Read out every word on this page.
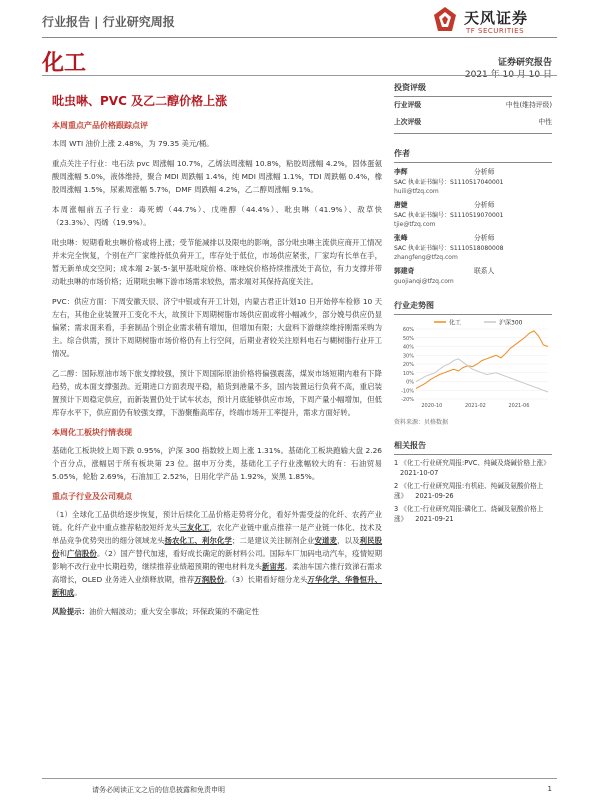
行业报告 | 行业研究周报	天风证券
TF SECURITIES
化工	证券研究报告
2021 年 10 月 10 日
吡虫啉、PVC 及乙二醇价格上涨
本周重点产品价格跟踪点评

本周 WTI 油价上涨 2.48%，为 79.35 美元/桶。

重点关注子行业：电石法 pvc 周涨幅 10.7%，乙烯法周涨幅 10.8%，粘胶周涨幅 4.2%，固体蛋氨酸周涨幅 5.0%，液体维持，聚合 MDI 周跌幅 1.4%，纯 MDI 周涨幅 1.1%，TDI 周跌幅 0.4%，橡胶周涨幅 1.5%，尿素周涨幅 5.7%，DMF 周跌幅 4.2%，乙二醇周涨幅 9.1%。

本周涨幅前五子行业：毒死蜱（44.7%）、戊唑醇（44.4%）、吡虫啉（41.9%）、敌草快（23.3%）、丙烯（19.9%）。

吡虫啉：短期看吡虫啉价格或将上涨；受节能减排以及限电的影响，部分吡虫啉主流供应商开工情况并未完全恢复，个别在产厂家维持低负荷开工，库存处于低位，市场供应紧张，厂家均有长单在手，暂无新单成交空间；成本端 2-氯-5-氯甲基吡啶价格、咪唑烷价格持续推涨处于高位，有力支撑并带动吡虫啉的市场价格；近期吡虫啉下游市场需求较热，需求端对其保持高度关注。

PVC：供应方面：下周安徽天辰、济宁中银或有开工计划，内蒙古君正计划10 日开始停车检修 10 天左右，其他企业装置开工变化不大，故预计下周期树脂市场供应面或将小幅减少，部分娩号供应仍显偏紧；需求面来看，手套制品个别企业需求稍有增加，但增加有限；大盘料下游继续维持刚需采购为主。综合供需，预计下周期树脂市场价格仍有上行空间，后期业者较关注原料电石与糊树脂行业开工情况。

乙二醇：国际原油市场下旅支撑较强，预计下周国际原油价格将偏强震荡，煤炭市场短期内难有下降趋势，成本面支撑强劲。近期进口方面表现平稳，船货到港量不多，国内装置运行负荷不高，重启装置预计下周稳定供应，而新装置仍处于试车状态，预计月底能够供应市场，下周产量小幅增加，但低库存水平下，供应面仍有较强支撑，下游聚酯高库存，终端市场开工率提升，需求方面好转。

本周化工板块行情表现

基础化工板块较上周下跌 0.95%，沪深 300 指数较上周上涨 1.31%。基础化工板块跑输大盘 2.26 个百分点，涨幅居于所有板块第 23 位。据申万分类，基础化工子行业涨幅较大的有：石油贸易 5.05%，轮胎 2.69%，石油加工 2.52%，日用化学产品 1.92%，炭黑 1.85%。

重点子行业及公司观点

（1）全球化工品供给逐步恢复，预计后续化工品价格走势将分化，看好外需受益的化纤、农药产业链。化纤产业中重点推荐粘胶短纤龙头三友化工，农化产业链中重点推荐一是产业链一体化、技术及单品竞争优势突出的细分领域龙头扬农化工、利尔化学；二是建议关注制剂企业安道麦，以及利民股份和广信股份。（2）国产替代加速，看好成长确定的新材料公司。国际车厂加码电动汽车，疫情短期影响不改行业中长期趋势，继续推荐业绩超预期的锂电材料龙头新宙邦。柔油车国六推行致涕石需求高增长，OLED 业务进入业绩释放期，推荐万润股份。（3）长期看好细分龙头万华化学、华鲁恒升、新和成。

风险提示：油价大幅波动；重大安全事故；环保政策的不确定性

投资评级
行业评级	中性(维持评级)
上次评级	中性
作者
李辉	分析师
SAC 执业证书编号：S1110517040001
huili@tfzq.com
唐婕	分析师
SAC 执业证书编号：S1110519070001
tjie@tfzq.com
张峰	分析师
SAC 执业证书编号：S1110518080008
zhangfeng@tfzq.com
郭建奇	联系人
guojianqi@tfzq.com
行业走势图
化工	沪深300
60%
50%
40%
30%
20%
10%
0%
-10%
-20%
2020-10	2021-02	2021-06
资料来源：贝格数据
相关报告
1 《化工-行业研究周报:PVC、纯碱及烧碱价格上涨》 2021-10-07
2 《化工-行业研究周报:有机硅、纯碱及氨酸价格上涨》 2021-09-26
3 《化工-行业研究周报:磷化工、烧碱及氨酸价格上涨》 2021-09-21
请务必阅读正文之后的信息披露和免责申明	1
